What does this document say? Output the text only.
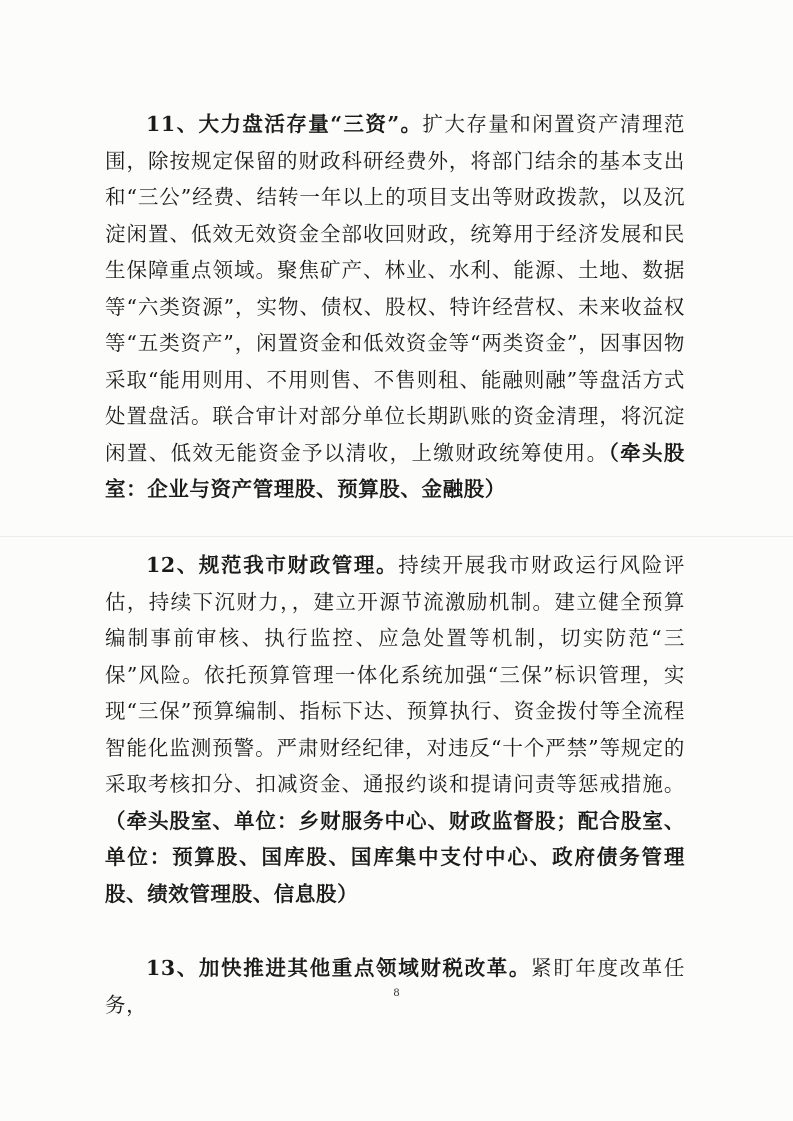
11、大力盘活存量“三资”。扩大存量和闲置资产清理范围，除按规定保留的财政科研经费外，将部门结余的基本支出和“三公”经费、结转一年以上的项目支出等财政拨款，以及沉淀闲置、低效无效资金全部收回财政，统筹用于经济发展和民生保障重点领域。聚焦矿产、林业、水利、能源、土地、数据等“六类资源”，实物、债权、股权、特许经营权、未来收益权等“五类资产”，闲置资金和低效资金等“两类资金”，因事因物采取“能用则用、不用则售、不售则租、能融则融”等盘活方式处置盘活。联合审计对部分单位长期趴账的资金清理，将沉淀闲置、低效无能资金予以清收，上缴财政统筹使用。（牵头股室：企业与资产管理股、预算股、金融股）

12、规范我市财政管理。持续开展我市财政运行风险评估，持续下沉财力，，建立开源节流激励机制。建立健全预算编制事前审核、执行监控、应急处置等机制，切实防范“三保”风险。依托预算管理一体化系统加强“三保”标识管理，实现“三保”预算编制、指标下达、预算执行、资金拨付等全流程智能化监测预警。严肃财经纪律，对违反“十个严禁”等规定的采取考核扣分、扣减资金、通报约谈和提请问责等惩戒措施。（牵头股室、单位：乡财服务中心、财政监督股；配合股室、单位：预算股、国库股、国库集中支付中心、政府债务管理股、绩效管理股、信息股）

13、加快推进其他重点领域财税改革。紧盯年度改革任务，

8
